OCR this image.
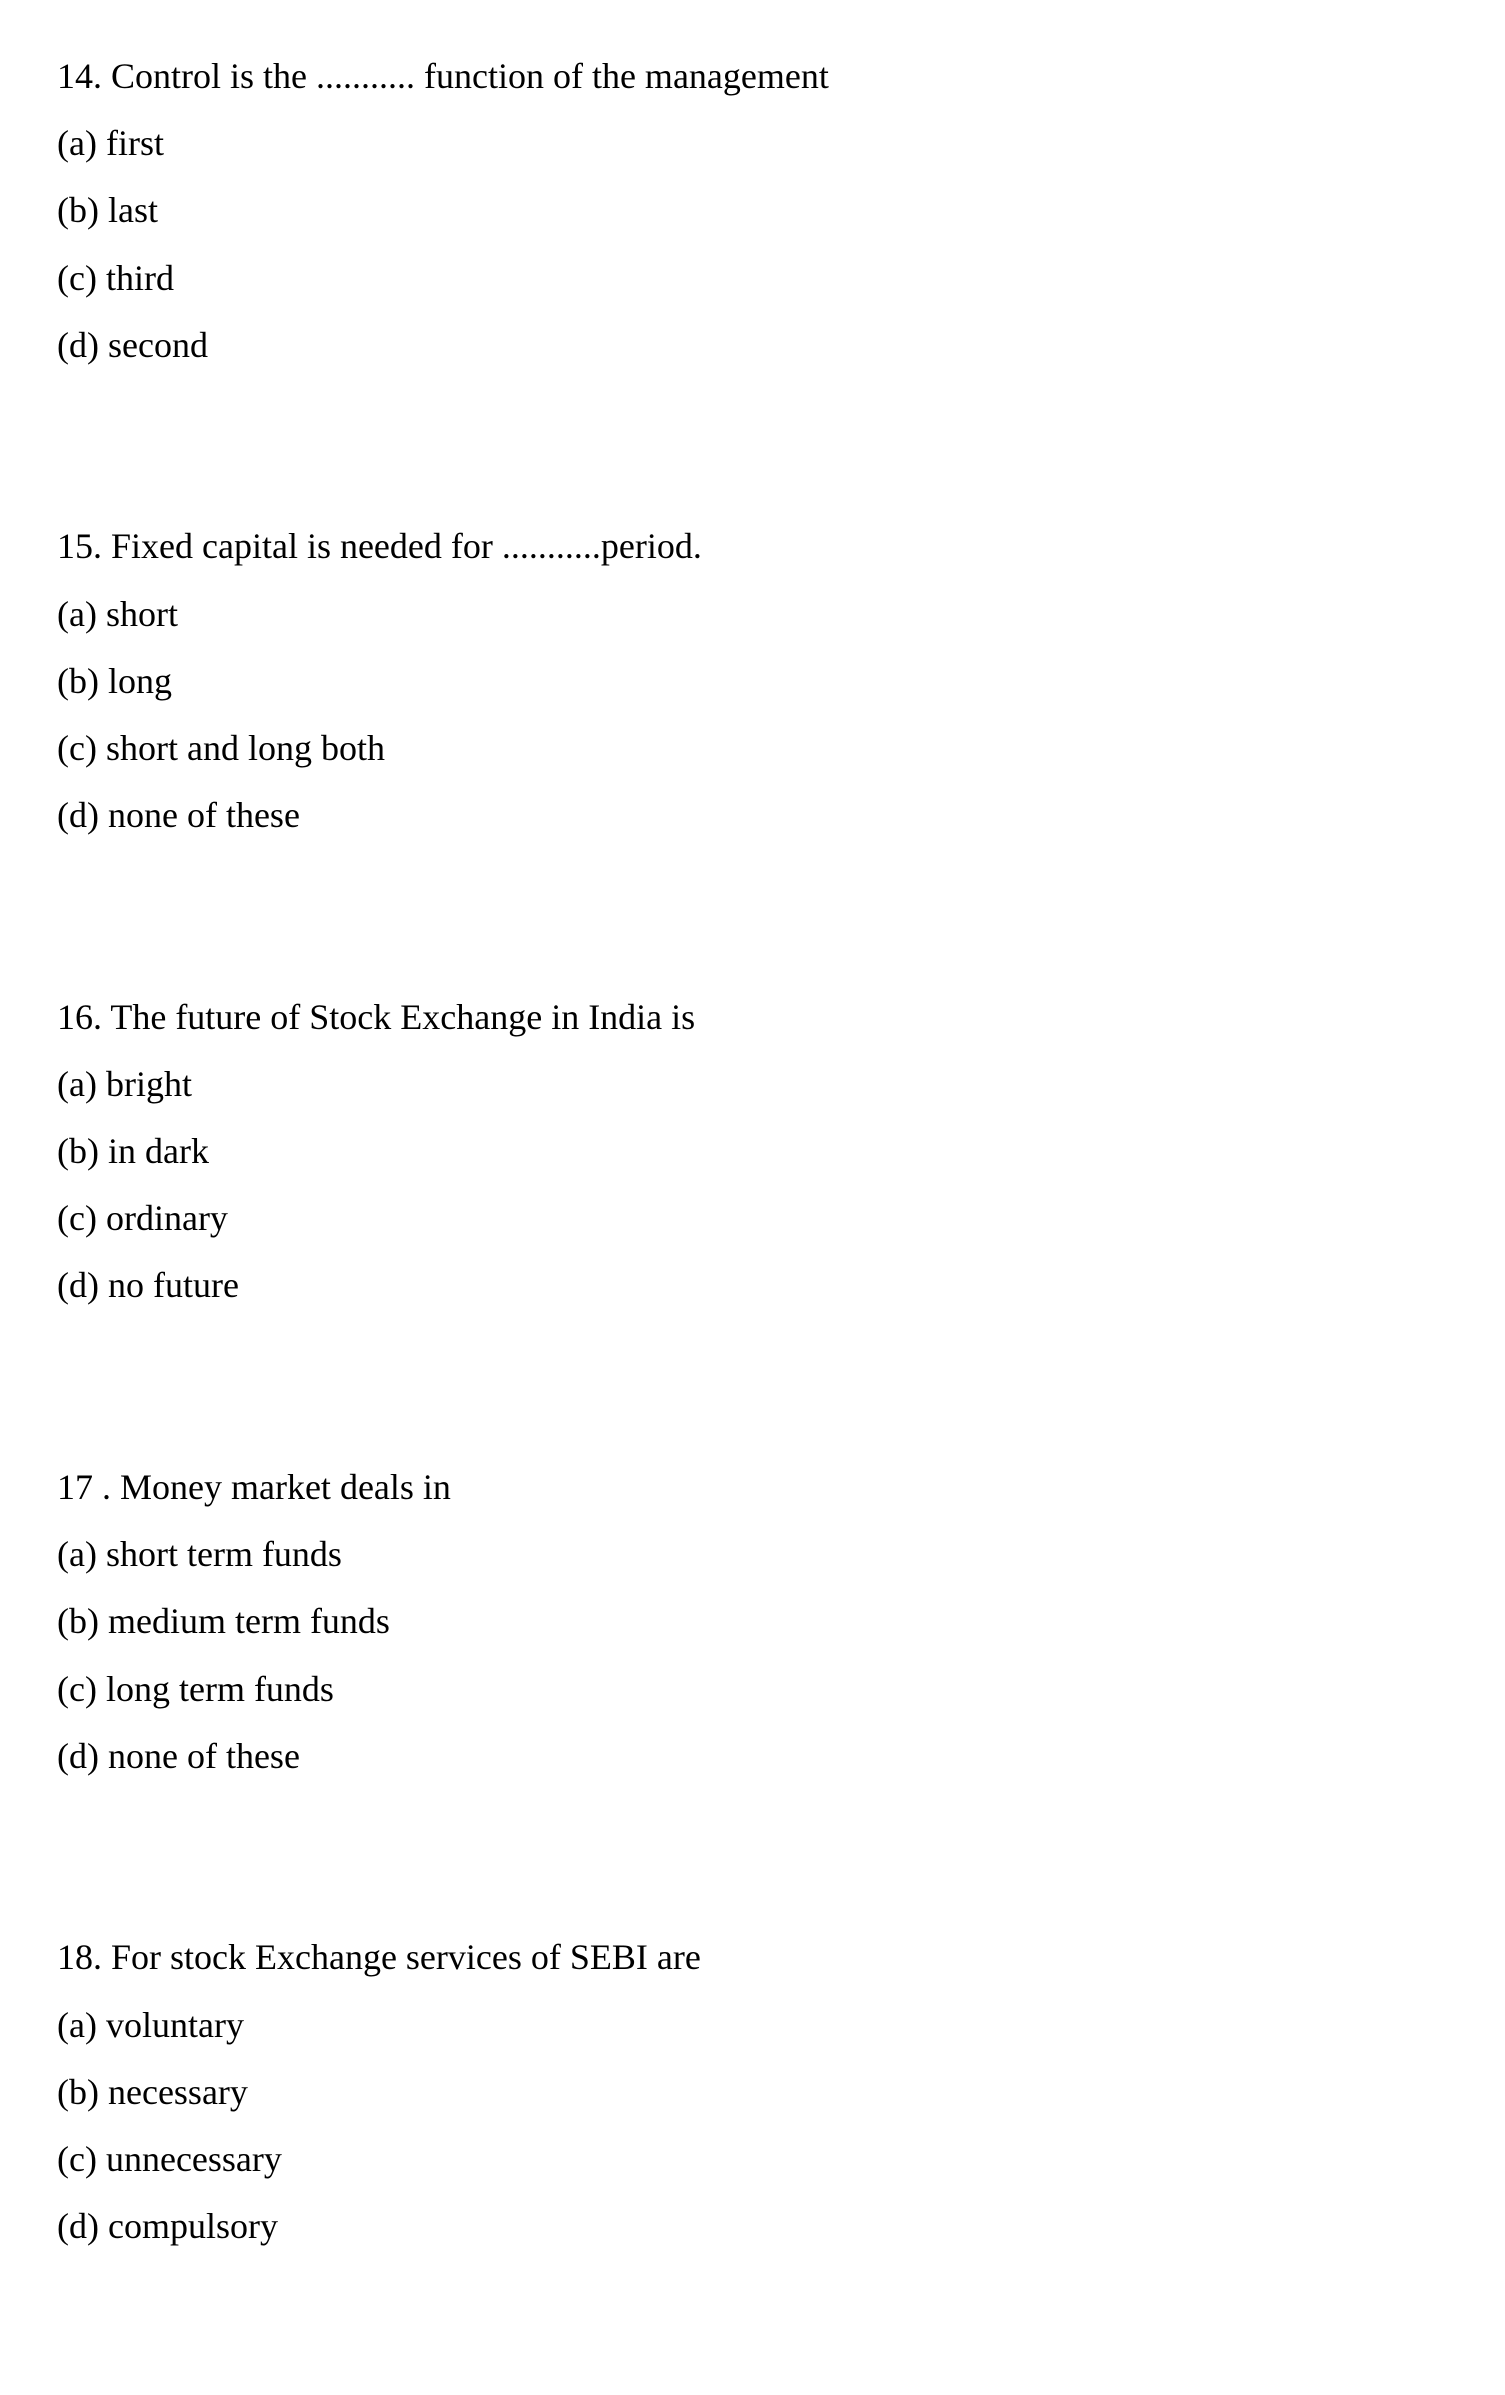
14. Control is the ........... function of the management

(a) first

(b) last

(c) third

(d) second

15. Fixed capital is needed for ...........period.

(a) short

(b) long

(c) short and long both

(d) none of these

16. The future of Stock Exchange in India is

(a) bright

(b) in dark

(c) ordinary

(d) no future

17 . Money market deals in

(a) short term funds

(b) medium term funds

(c) long term funds

(d) none of these

18. For stock Exchange services of SEBI are

(a) voluntary

(b) necessary

(c) unnecessary

(d) compulsory
